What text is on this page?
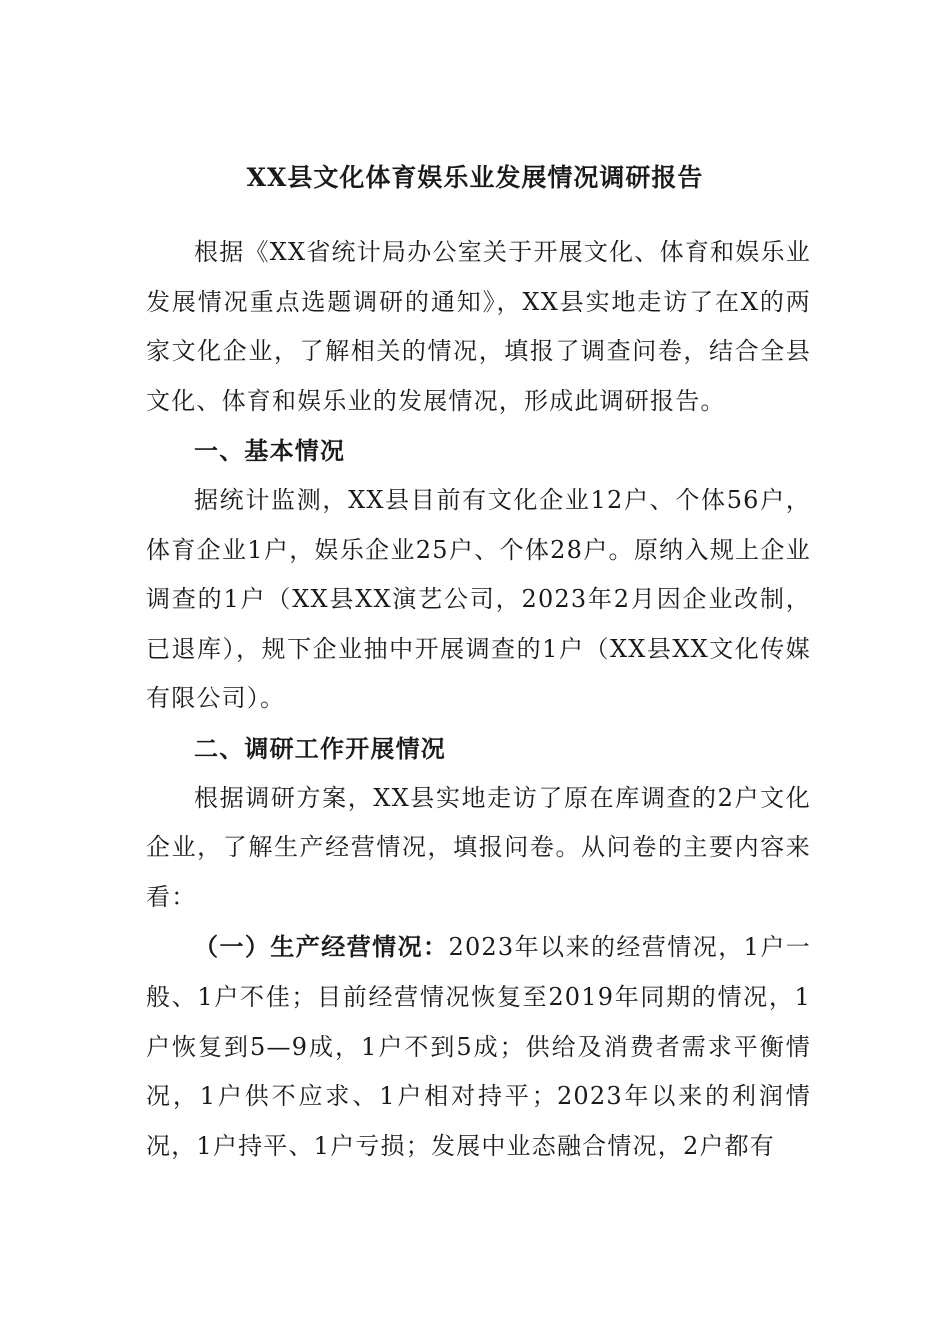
XX县文化体育娱乐业发展情况调研报告

根据《XX省统计局办公室关于开展文化、体育和娱乐业发展情况重点选题调研的通知》，XX县实地走访了在X的两家文化企业，了解相关的情况，填报了调查问卷，结合全县文化、体育和娱乐业的发展情况，形成此调研报告。

一、基本情况

据统计监测，XX县目前有文化企业12户、个体56户，体育企业1户，娱乐企业25户、个体28户。原纳入规上企业调查的1户（XX县XX演艺公司，2023年2月因企业改制，已退库），规下企业抽中开展调查的1户（XX县XX文化传媒有限公司）。

二、调研工作开展情况

根据调研方案，XX县实地走访了原在库调查的2户文化企业，了解生产经营情况，填报问卷。从问卷的主要内容来看：

（一）生产经营情况：2023年以来的经营情况，1户一般、1户不佳；目前经营情况恢复至2019年同期的情况，1户恢复到5—9成，1户不到5成；供给及消费者需求平衡情况，1户供不应求、1户相对持平；2023年以来的利润情况，1户持平、1户亏损；发展中业态融合情况，2户都有
